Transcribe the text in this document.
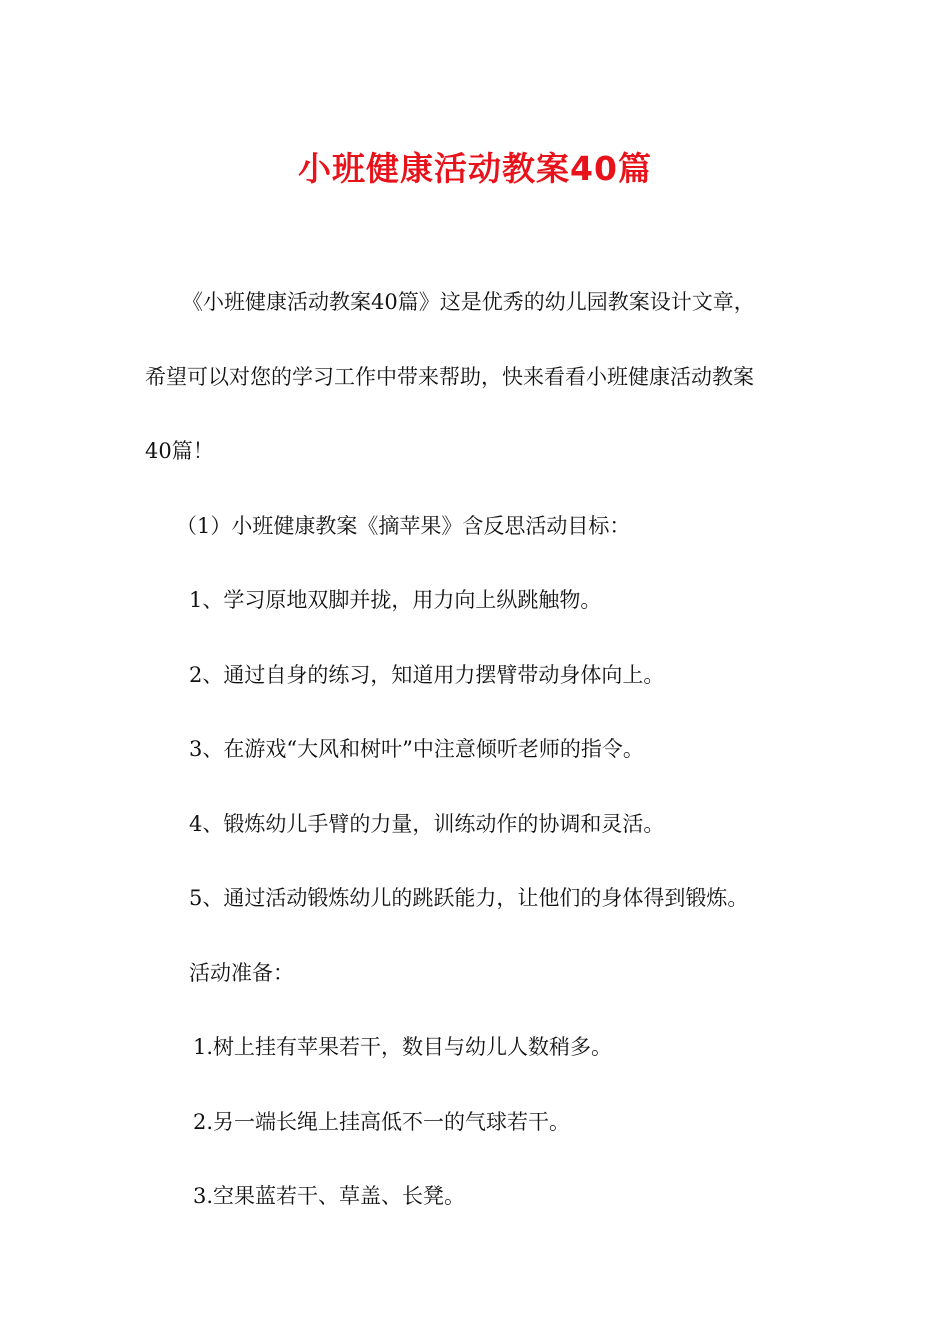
小班健康活动教案40篇
《小班健康活动教案40篇》这是优秀的幼儿园教案设计文章，
希望可以对您的学习工作中带来帮助，快来看看小班健康活动教案
40篇！
（1）小班健康教案《摘苹果》含反思活动目标：
1、学习原地双脚并拢，用力向上纵跳触物。
2、通过自身的练习，知道用力摆臂带动身体向上。
3、在游戏“大风和树叶”中注意倾听老师的指令。
4、锻炼幼儿手臂的力量，训练动作的协调和灵活。
5、通过活动锻炼幼儿的跳跃能力，让他们的身体得到锻炼。
活动准备：
1.树上挂有苹果若干，数目与幼儿人数稍多。
2.另一端长绳上挂高低不一的气球若干。
3.空果蓝若干、草盖、长凳。
